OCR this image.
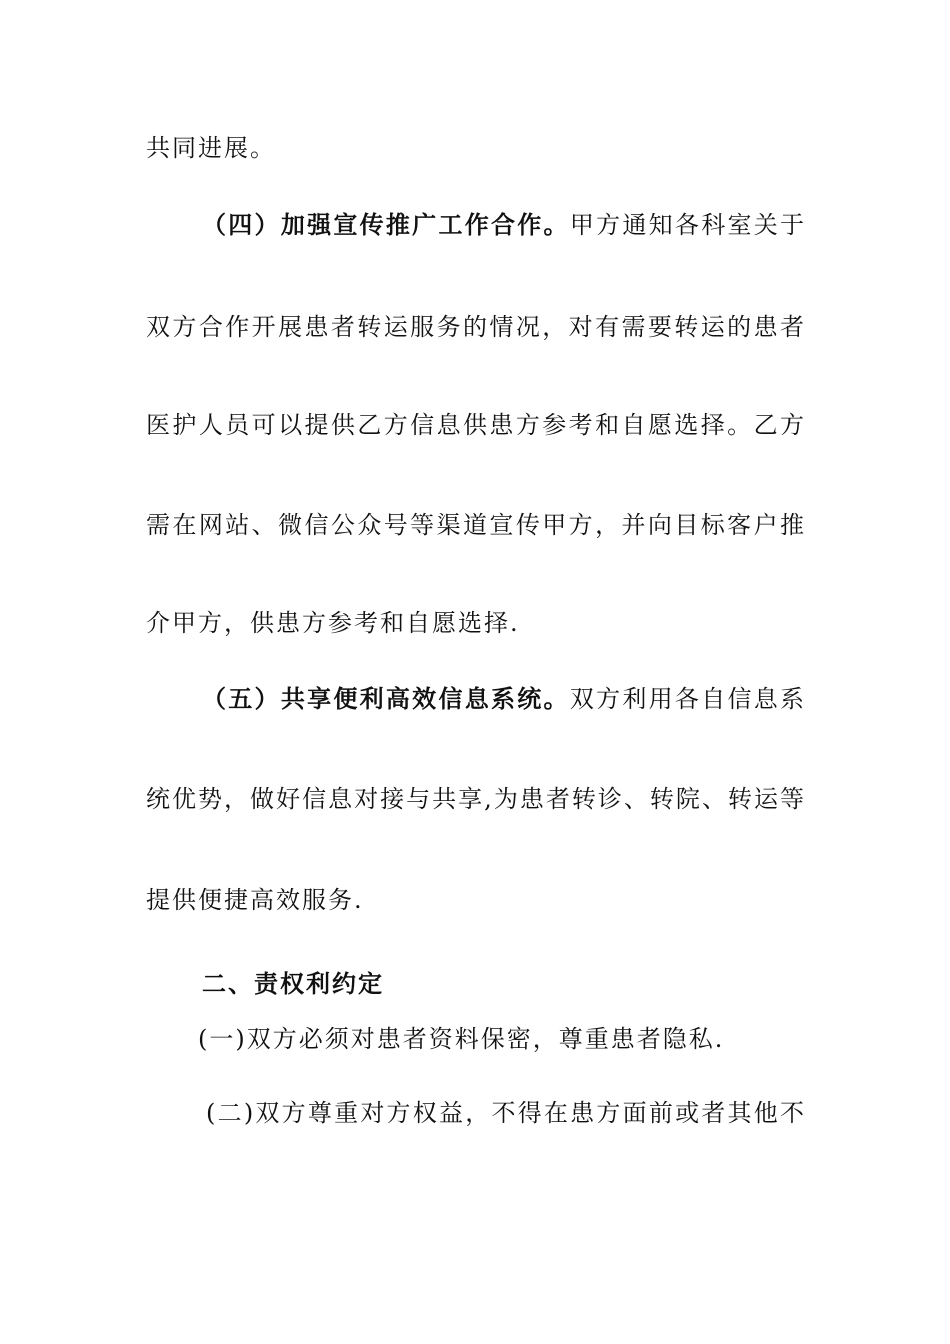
共同进展。
（四）加强宣传推广工作合作。甲方通知各科室关于
双方合作开展患者转运服务的情况，对有需要转运的患者
医护人员可以提供乙方信息供患方参考和自愿选择。乙方
需在网站、微信公众号等渠道宣传甲方，并向目标客户推
介甲方，供患方参考和自愿选择.
（五）共享便利高效信息系统。双方利用各自信息系
统优势，做好信息对接与共享,为患者转诊、转院、转运等
提供便捷高效服务.
二、责权利约定
(一)双方必须对患者资料保密，尊重患者隐私.
(二)双方尊重对方权益，不得在患方面前或者其他不
